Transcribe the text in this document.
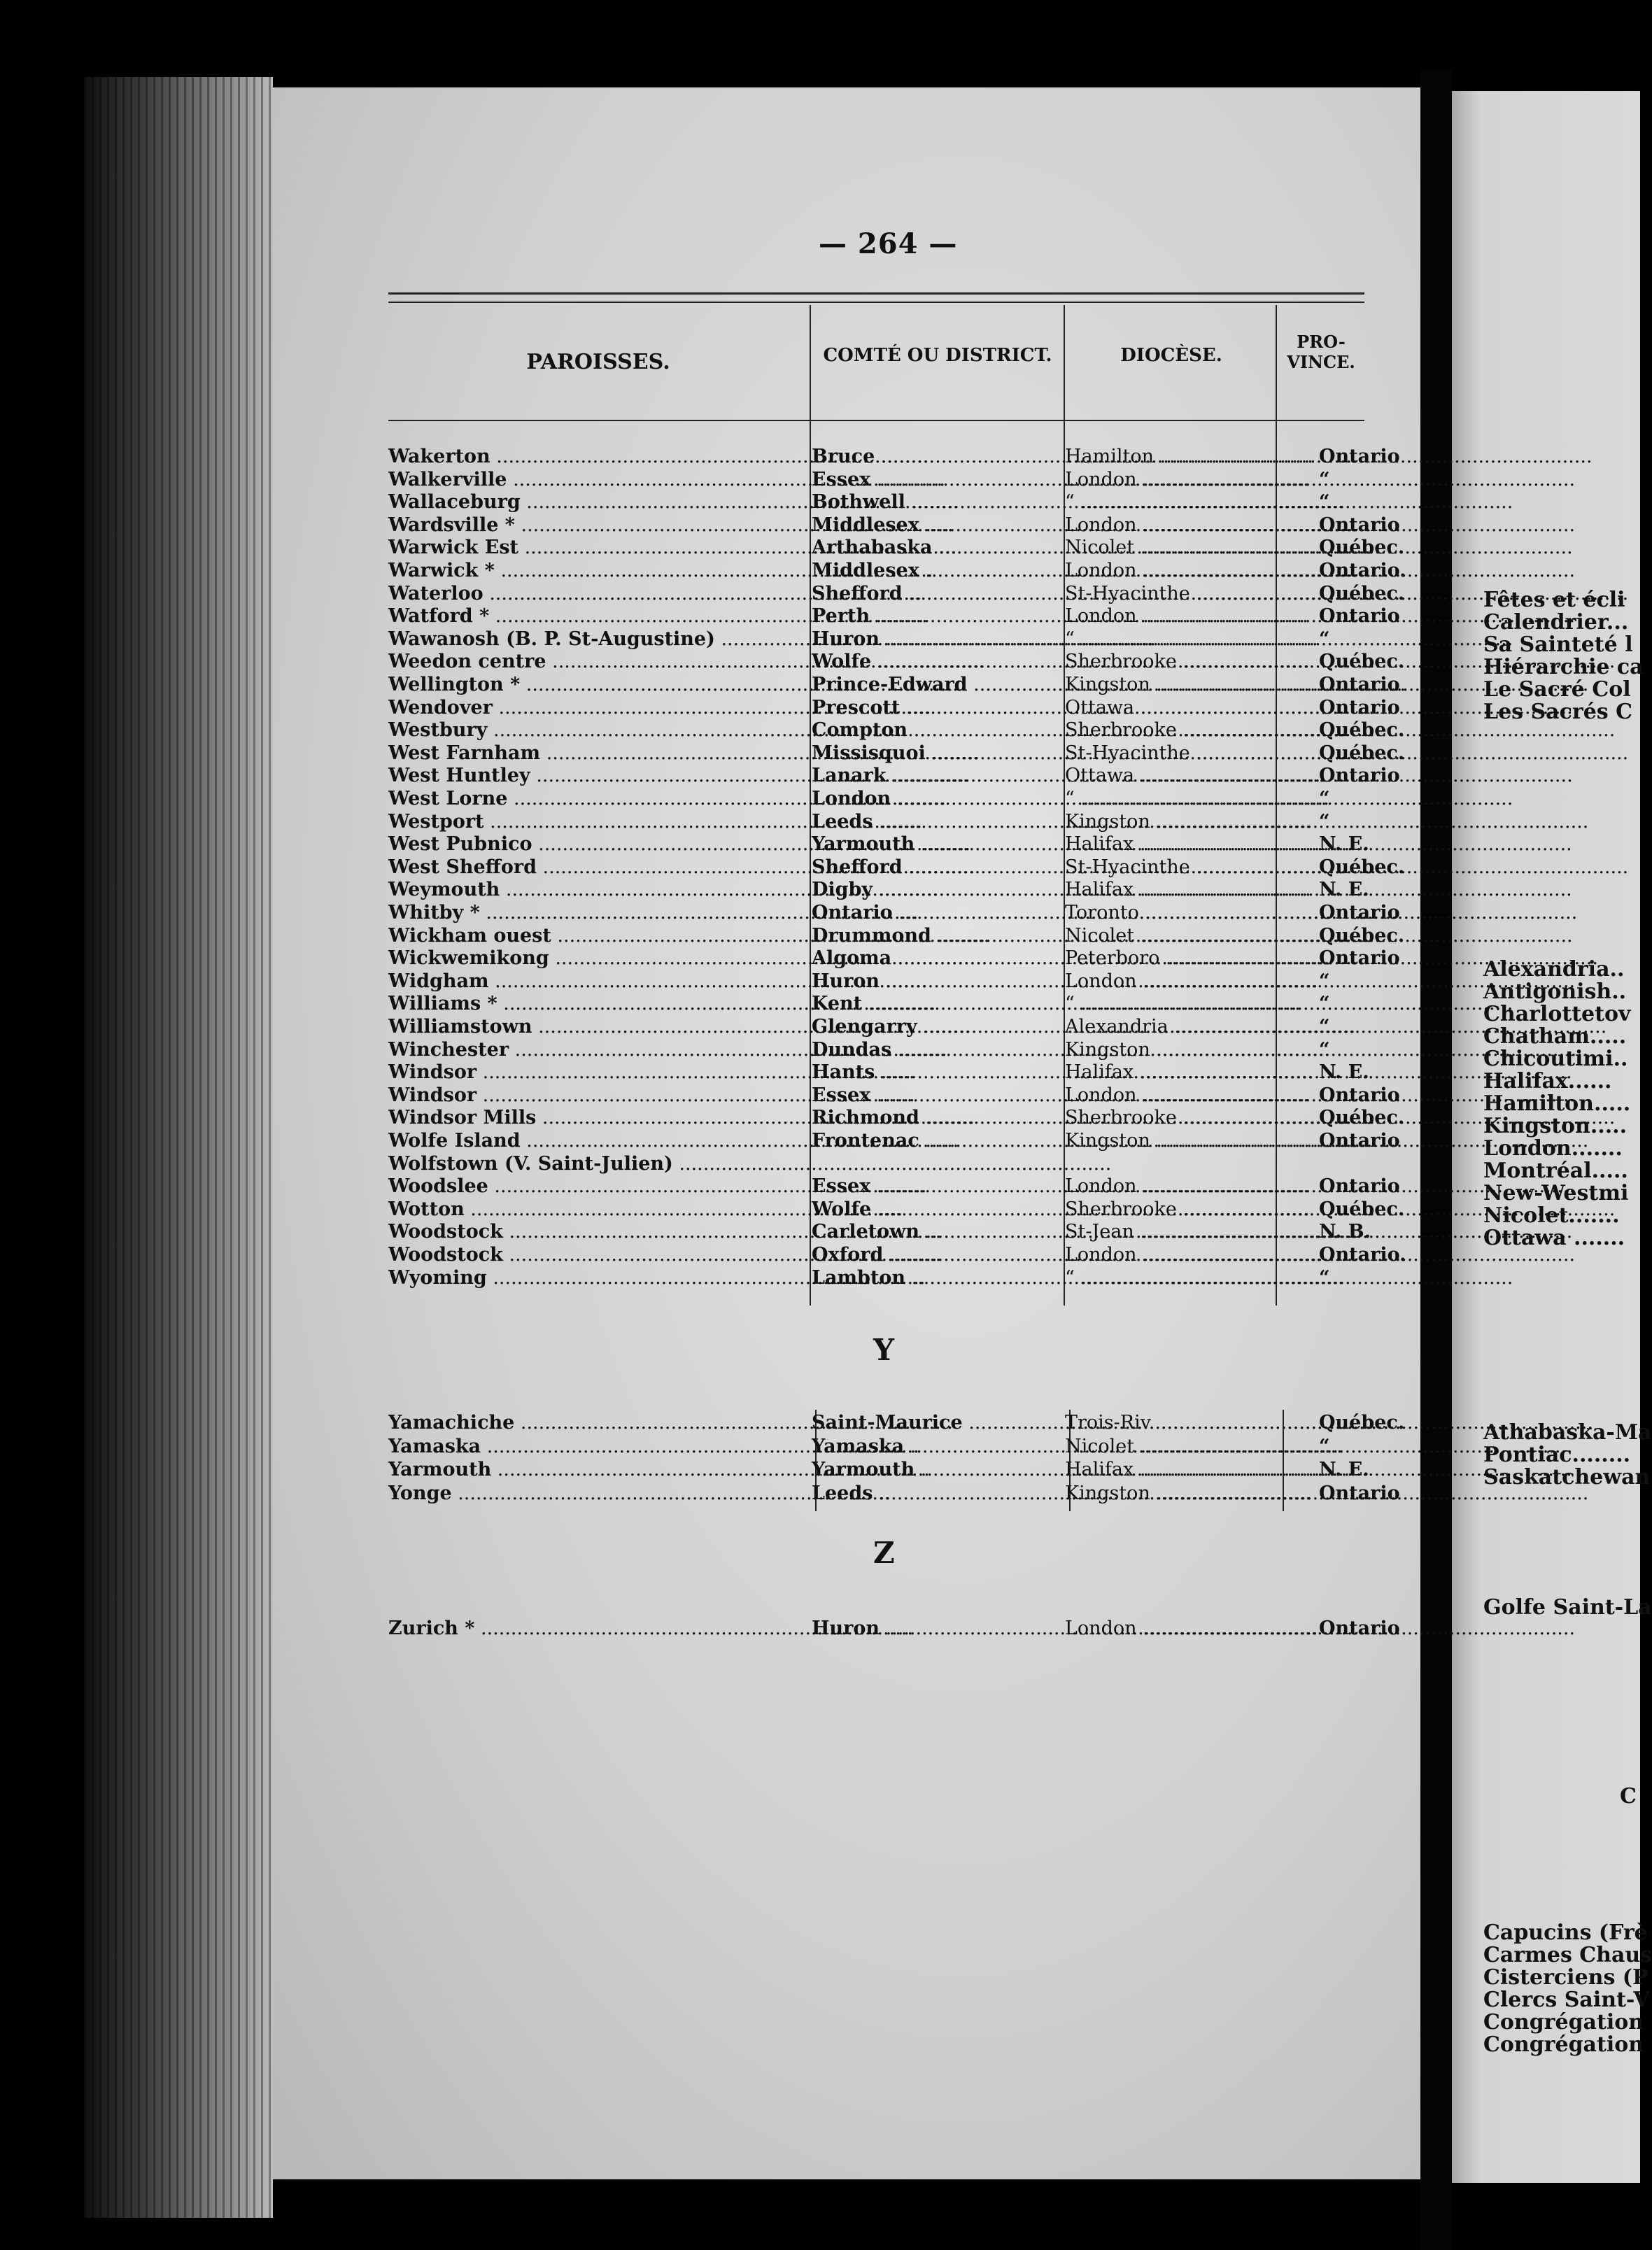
Fêtes et écli
Calendrier...
Sa Sainteté l
Hiérarchie ca
Le Sacré Col
Les Sacrés C
Alexandria..
Antigonish..
Charlottetov
Chatham.....
Chicoutimi..
Halifax......
Hamilton.....
Kingston.....
London.......
Montréal.....
New-Westmi
Nicolet.......
Ottawa .......
Athabaska-Ma
Pontiac........
Saskatchewan
Golfe Saint-La
C
Capucins (Frè
Carmes Chaus
Cisterciens (P
Clercs Saint-V
Congrégation
Congrégation
— 264 —
PAROISSES.	COMTÉ OU DISTRICT.	DIOCÈSE.
PRO-
VINCE.
Wakerton .....	Bruce .....	Hamilton .....	Ontario
Walkerville .....	Essex .....	London .....	“
Wallaceburg .....	Bothwell .....	“ .....	“
Wardsville * .....	Middlesex .....	London .....	Ontario
Warwick Est .....	Arthabaska .....	Nicolet .....	Québec.
Warwick * .....	Middlesex .....	London .....	Ontario.
Waterloo .....	Shefford .....	St-Hyacinthe .....	Québec.
Watford * .....	Perth .....	London .....	Ontario
Wawanosh (B. P. St-Augustine) .....	Huron .....	“ .....	“
Weedon centre .....	Wolfe .....	Sherbrooke .....	Québec.
Wellington * .....	Prince-Edward .....	Kingston .....	Ontario
Wendover .....	Prescott .....	Ottawa .....	Ontario
Westbury .....	Compton .....	Sherbrooke .....	Québec.
West Farnham .....	Missisquoi .....	St-Hyacinthe .....	Québec.
West Huntley .....	Lanark .....	Ottawa .....	Ontario
West Lorne .....	London .....	“ .....	“
Westport .....	Leeds .....	Kingston .....	“
West Pubnico .....	Yarmouth .....	Halifax .....	N. E.
West Shefford .....	Shefford .....	St-Hyacinthe .....	Québec.
Weymouth .....	Digby .....	Halifax .....	N. E.
Whitby * .....	Ontario .....	Toronto .....	Ontario
Wickham ouest .....	Drummond .....	Nicolet .....	Québec.
Wickwemikong .....	Algoma .....	Peterboro .....	Ontario
Widgham .....	Huron .....	London .....	“
Williams * .....	Kent .....	“ .....	“
Williamstown .....	Glengarry .....	Alexandria .....	“
Winchester .....	Dundas .....	Kingston .....	“
Windsor .....	Hants .....	Halifax .....	N. E.
Windsor .....	Essex .....	London .....	Ontario
Windsor Mills .....	Richmond .....	Sherbrooke .....	Québec.
Wolfe Island .....	Frontenac .....	Kingston .....	Ontario
Wolfstown (V. Saint-Julien) .....
Woodslee .....	Essex .....	London .....	Ontario
Wotton .....	Wolfe .....	Sherbrooke .....	Québec.
Woodstock .....	Carletown .....	St-Jean .....	N. B.
Woodstock .....	Oxford .....	London .....	Ontario.
Wyoming .....	Lambton .....	“ .....	“
Y
Yamachiche .....	Saint-Maurice .....	Trois-Riv. .....	Québec.
Yamaska .....	Yamaska .....	Nicolet .....	“
Yarmouth .....	Yarmouth .....	Halifax .....	N. E.
Yonge .....	Leeds .....	Kingston .....	Ontario
Z
Zurich * .....	Huron .....	London .....	Ontario
